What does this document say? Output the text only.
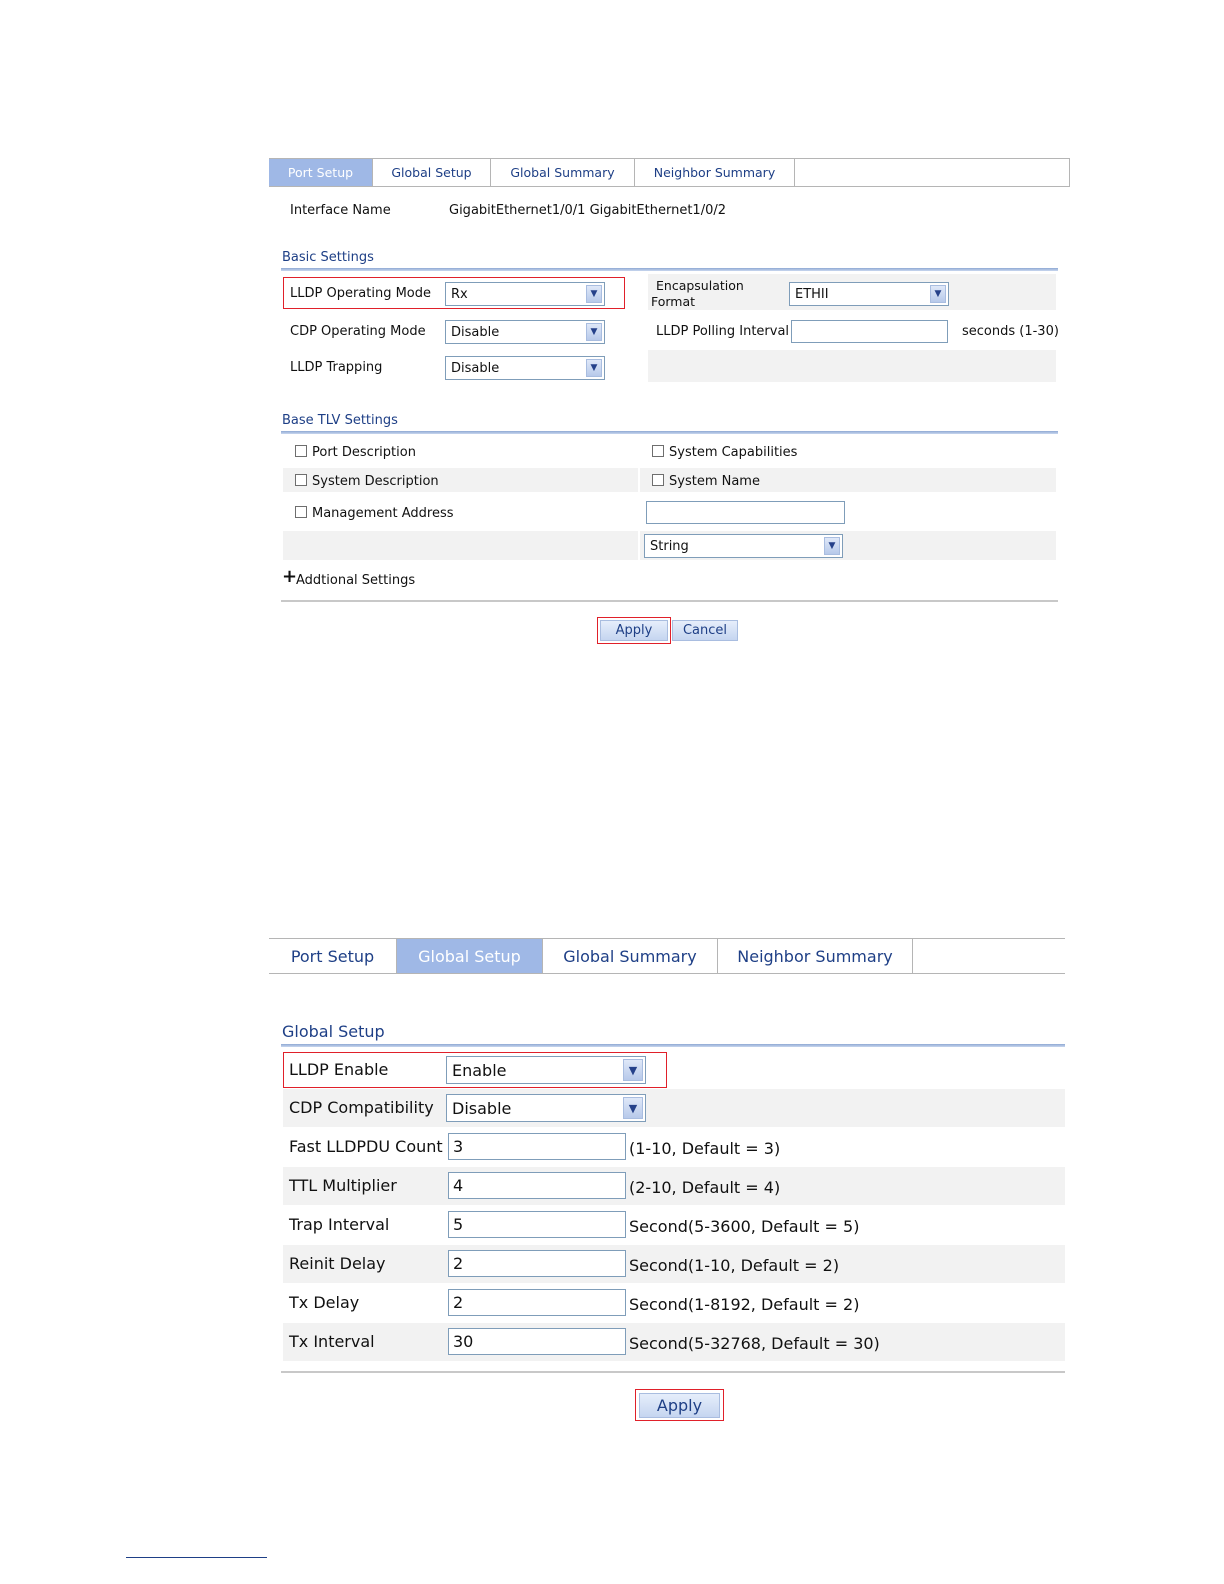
Port Setup	Global Setup	Global Summary	Neighbor Summary
Interface Name	GigabitEthernet1/0/1 GigabitEthernet1/0/2
Basic Settings
LLDP Operating Mode	Rx	▼
Encapsulation
Format	ETHII	▼
CDP Operating Mode	Disable	▼	LLDP Polling Interval	seconds (1-30)
LLDP Trapping	Disable	▼
Base TLV Settings
Port Description	System Capabilities
System Description	System Name
Management Address
String	▼
+
Addtional Settings
Apply	Cancel
Port Setup	Global Setup	Global Summary	Neighbor Summary
Global Setup
LLDP Enable	Enable	▼
CDP Compatibility	Disable	▼
Fast LLDPDU Count 3	(1-10, Default = 3)
TTL Multiplier	4	(2-10, Default = 4)
Trap Interval	5	Second(5-3600, Default = 5)
Reinit Delay	2	Second(1-10, Default = 2)
Tx Delay	2	Second(1-8192, Default = 2)
Tx Interval	30	Second(5-32768, Default = 30)
Apply
